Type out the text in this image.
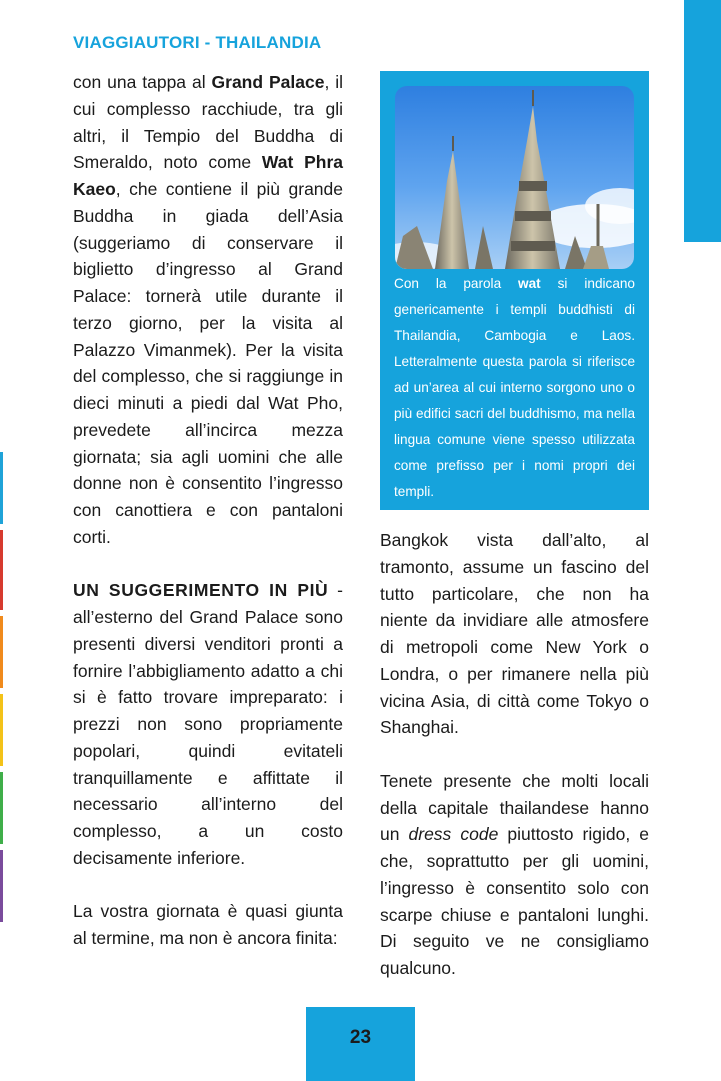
VIAGGIAUTORI - THAILANDIA

con una tappa al Grand Palace, il cui complesso racchiude, tra gli altri, il Tempio del Buddha di Smeraldo, noto come Wat Phra Kaeo, che contiene il più grande Buddha in giada dell’Asia (suggeriamo di conservare il biglietto d’ingresso al Grand Palace: tornerà utile durante il terzo giorno, per la visita al Palazzo Vimanmek). Per la visita del complesso, che si raggiunge in dieci minuti a piedi dal Wat Pho, prevedete all’incirca mezza giornata; sia agli uomini che alle donne non è consentito l’ingresso con canottiera e con pantaloni corti.

UN SUGGERIMENTO IN PIÙ - all’esterno del Grand Palace sono presenti diversi venditori pronti a fornire l’abbigliamento adatto a chi si è fatto trovare impreparato: i prezzi non sono propriamente popolari, quindi evitateli tranquillamente e affittate il necessario all’interno del complesso, a un costo decisamente inferiore.

La vostra giornata è quasi giunta al termine, ma non è ancora finita:

Con la parola wat si indicano genericamente i templi buddhisti di Thailandia, Cambogia e Laos. Letteralmente questa parola si riferisce ad un’area al cui interno sorgono uno o più edifici sacri del buddhismo, ma nella lingua comune viene spesso utilizzata come prefisso per i nomi propri dei templi.

Bangkok vista dall’alto, al tramonto, assume un fascino del tutto particolare, che non ha niente da invidiare alle atmosfere di metropoli come New York o Londra, o per rimanere nella più vicina Asia, di città come Tokyo o Shanghai.

Tenete presente che molti locali della capitale thailandese hanno un dress code piuttosto rigido, e che, soprattutto per gli uomini, l’ingresso è consentito solo con scarpe chiuse e pantaloni lunghi. Di seguito ve ne consigliamo qualcuno.

23
